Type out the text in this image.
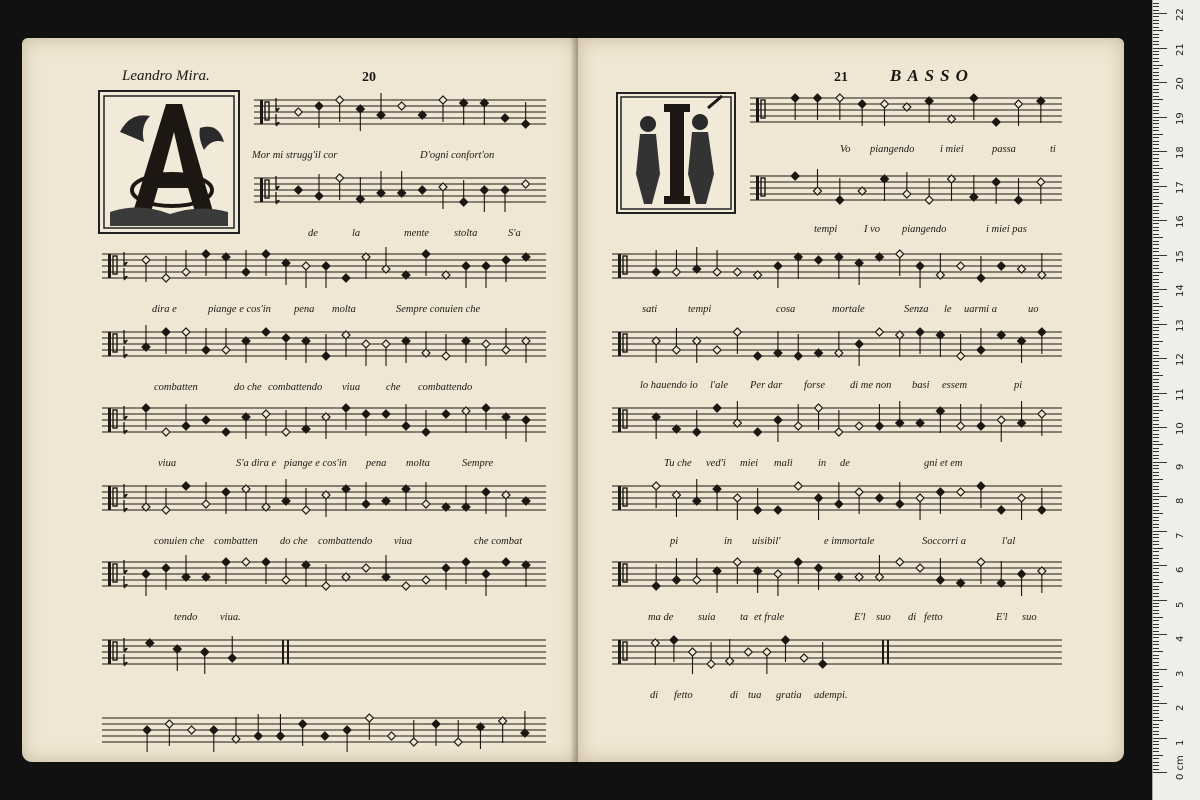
Leandro Mira.	20
Mor mi strugg'il cor	D'ogni confort'on
de	la	mente stolta	S'a
dira e	piange e cos'in pena molta	Sempre conuien che
combatten	do che combattendo viua che combattendo
viua	S'a dira e piange e cos'in pena molta	Sempre
conuien che combatten do che combattendo viua	che combat
tendo viua.
21 BASSO
Vo piangendo i miei	passa	ti
tempi	I vo piangendo	i miei pas
sati	tempi	cosa	mortale	Senza le uarmi a	uo
lo hauendo io l'ale Per dar forse di me non basi essem	pi
Tu che ved'i miei mali in de	gni et em
pi	in uisibil'	e immortale	Soccorri a	l'al
ma de suia ta et frale	E'l suo di fetto	E'l suo
di fetto	di tua gratia adempi.
0 cm
1
2
3
4
5
6
7
8
9
10
11
12
13
14
15
16
17
18
19
20
21
22
